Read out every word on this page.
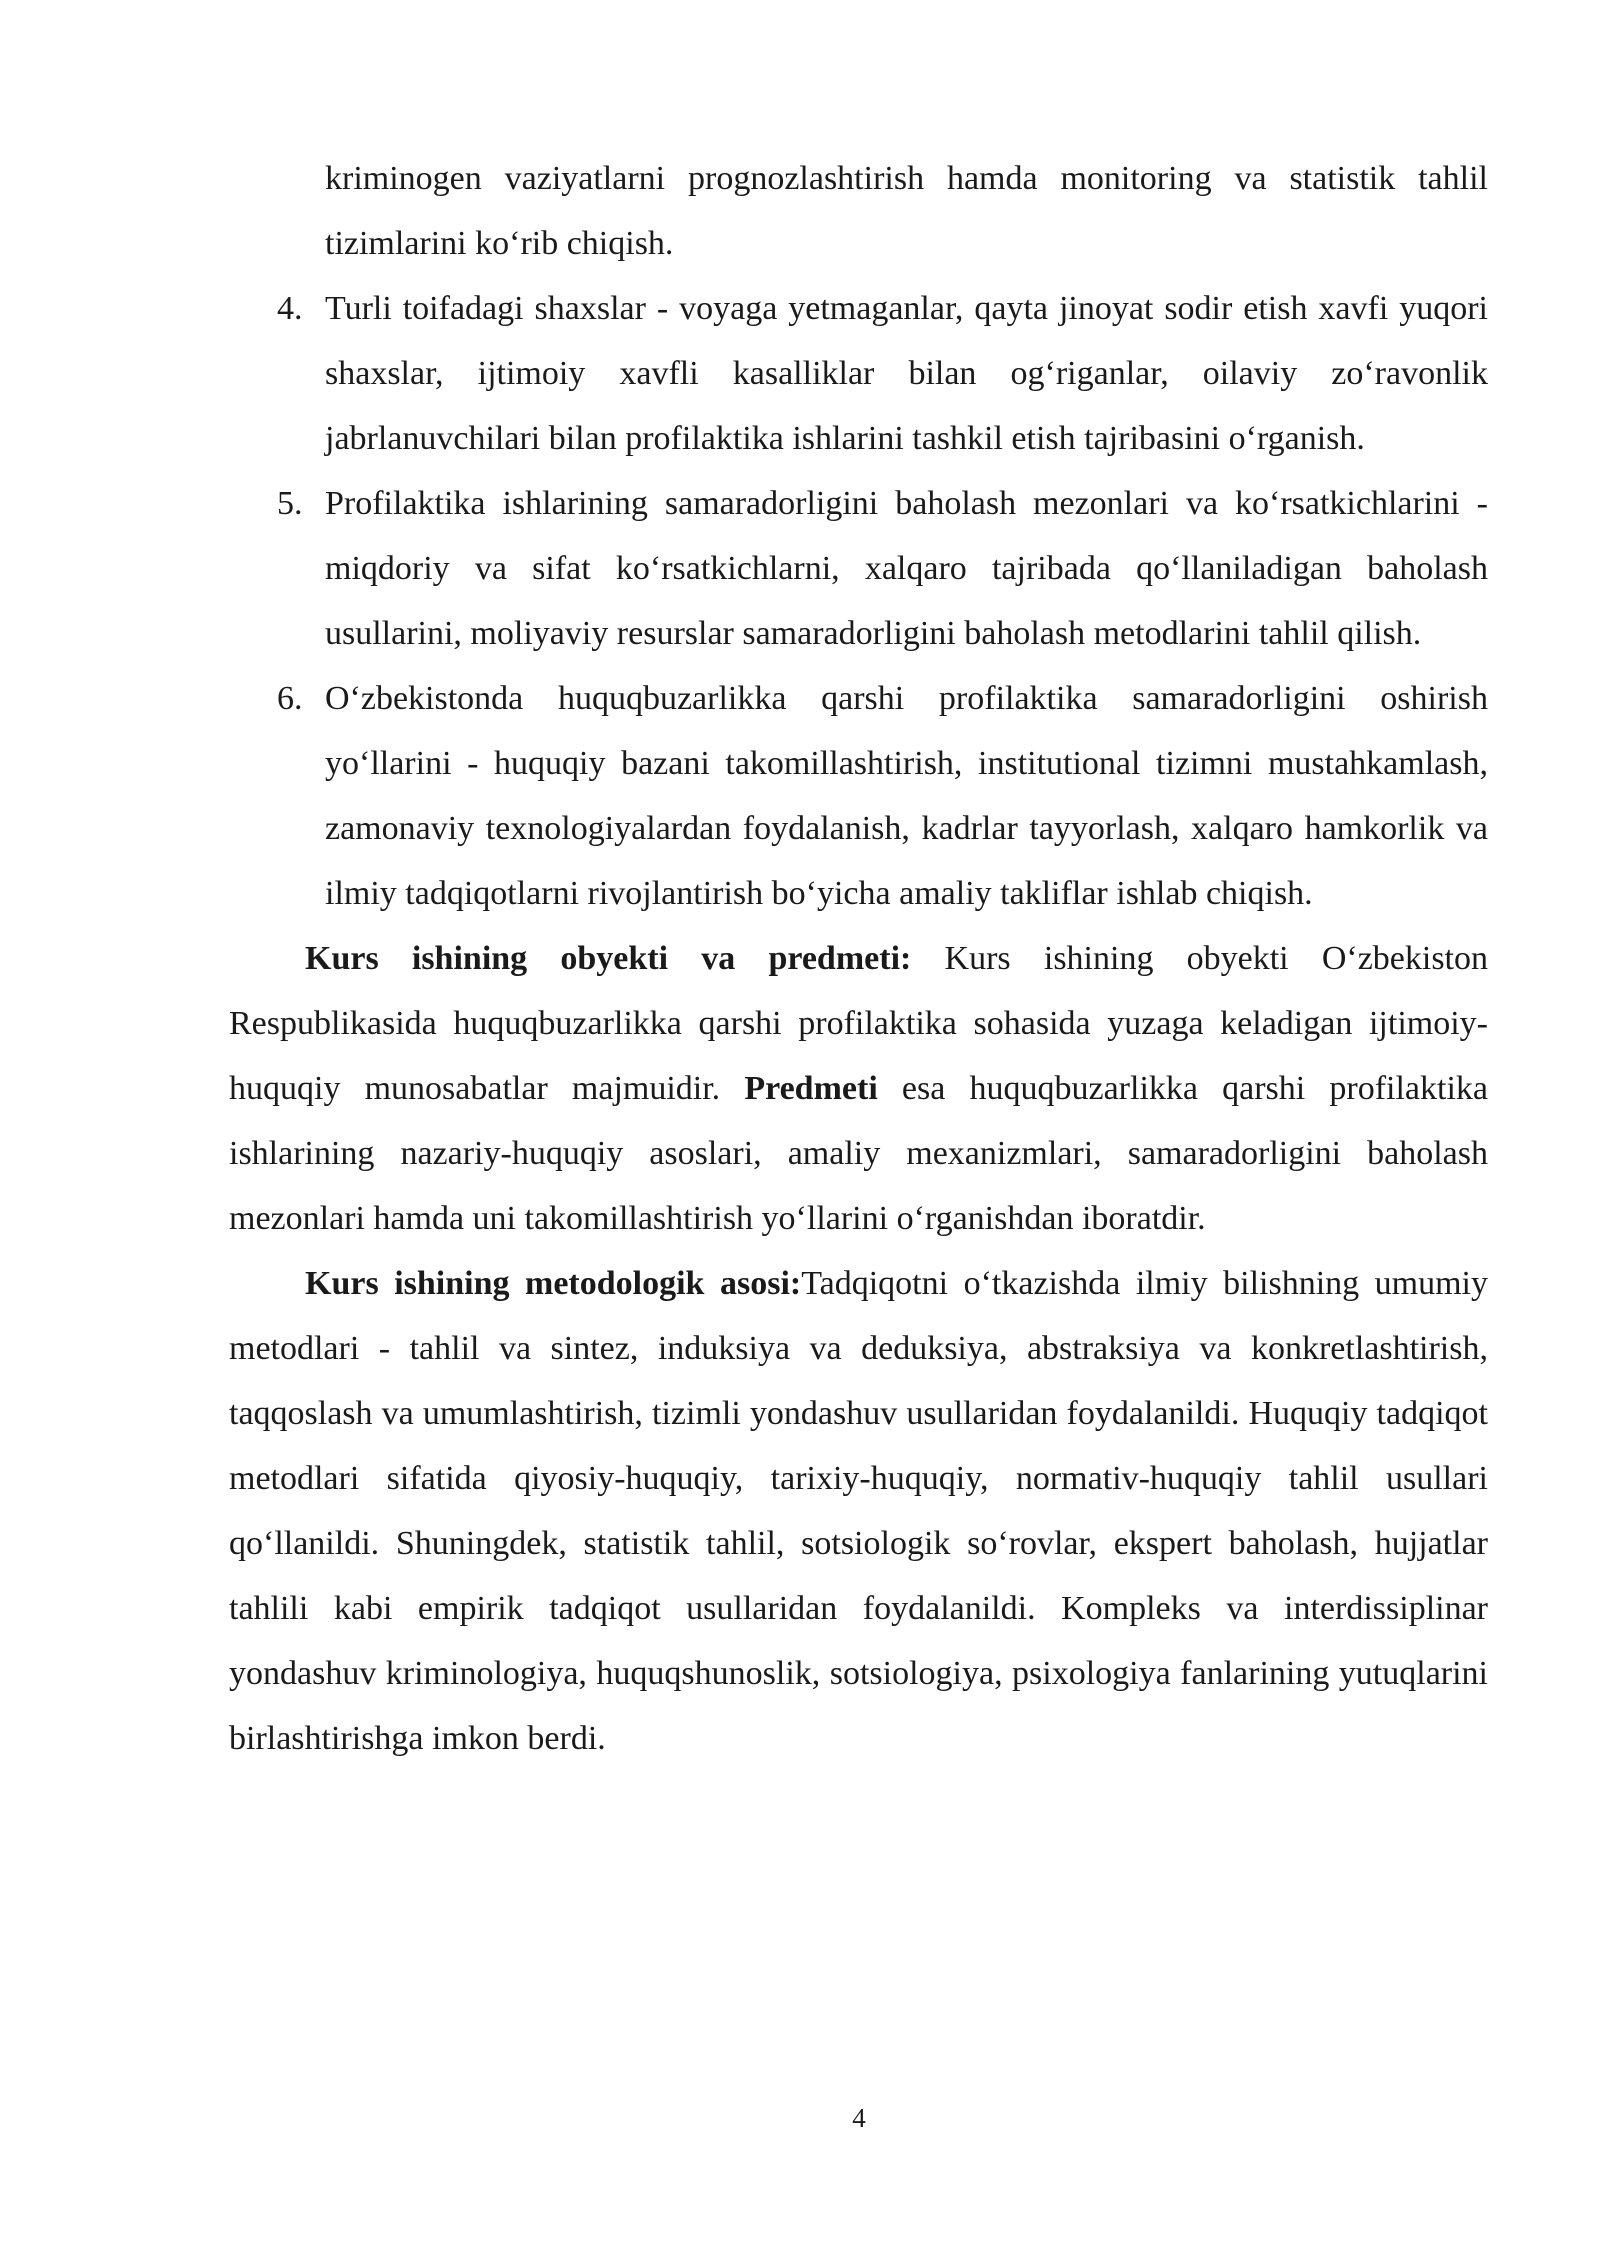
kriminogen vaziyatlarni prognozlashtirish hamda monitoring va statistik tahlil tizimlarini ko‘rib chiqish.

4. Turli toifadagi shaxslar - voyaga yetmaganlar, qayta jinoyat sodir etish xavfi yuqori shaxslar, ijtimoiy xavfli kasalliklar bilan og‘riganlar, oilaviy zo‘ravonlik jabrlanuvchilari bilan profilaktika ishlarini tashkil etish tajribasini o‘rganish.
5. Profilaktika ishlarining samaradorligini baholash mezonlari va ko‘rsatkichlarini - miqdoriy va sifat ko‘rsatkichlarni, xalqaro tajribada qo‘llaniladigan baholash usullarini, moliyaviy resurslar samaradorligini baholash metodlarini tahlil qilish.
6. O‘zbekistonda huquqbuzarlikka qarshi profilaktika samaradorligini oshirish yo‘llarini - huquqiy bazani takomillashtirish, institutional tizimni mustahkamlash, zamonaviy texnologiyalardan foydalanish, kadrlar tayyorlash, xalqaro hamkorlik va ilmiy tadqiqotlarni rivojlantirish bo‘yicha amaliy takliflar ishlab chiqish.

Kurs ishining obyekti va predmeti: Kurs ishining obyekti O‘zbekiston Respublikasida huquqbuzarlikka qarshi profilaktika sohasida yuzaga keladigan ijtimoiy-huquqiy munosabatlar majmuidir. Predmeti esa huquqbuzarlikka qarshi profilaktika ishlarining nazariy-huquqiy asoslari, amaliy mexanizmlari, samaradorligini baholash mezonlari hamda uni takomillashtirish yo‘llarini o‘rganishdan iboratdir.

Kurs ishining metodologik asosi:Tadqiqotni o‘tkazishda ilmiy bilishning umumiy metodlari - tahlil va sintez, induksiya va deduksiya, abstraksiya va konkretlashtirish, taqqoslash va umumlashtirish, tizimli yondashuv usullaridan foydalanildi. Huquqiy tadqiqot metodlari sifatida qiyosiy-huquqiy, tarixiy-huquqiy, normativ-huquqiy tahlil usullari qo‘llanildi. Shuningdek, statistik tahlil, sotsiologik so‘rovlar, ekspert baholash, hujjatlar tahlili kabi empirik tadqiqot usullaridan foydalanildi. Kompleks va interdissiplinar yondashuv kriminologiya, huquqshunoslik, sotsiologiya, psixologiya fanlarining yutuqlarini birlashtirishga imkon berdi.

4
